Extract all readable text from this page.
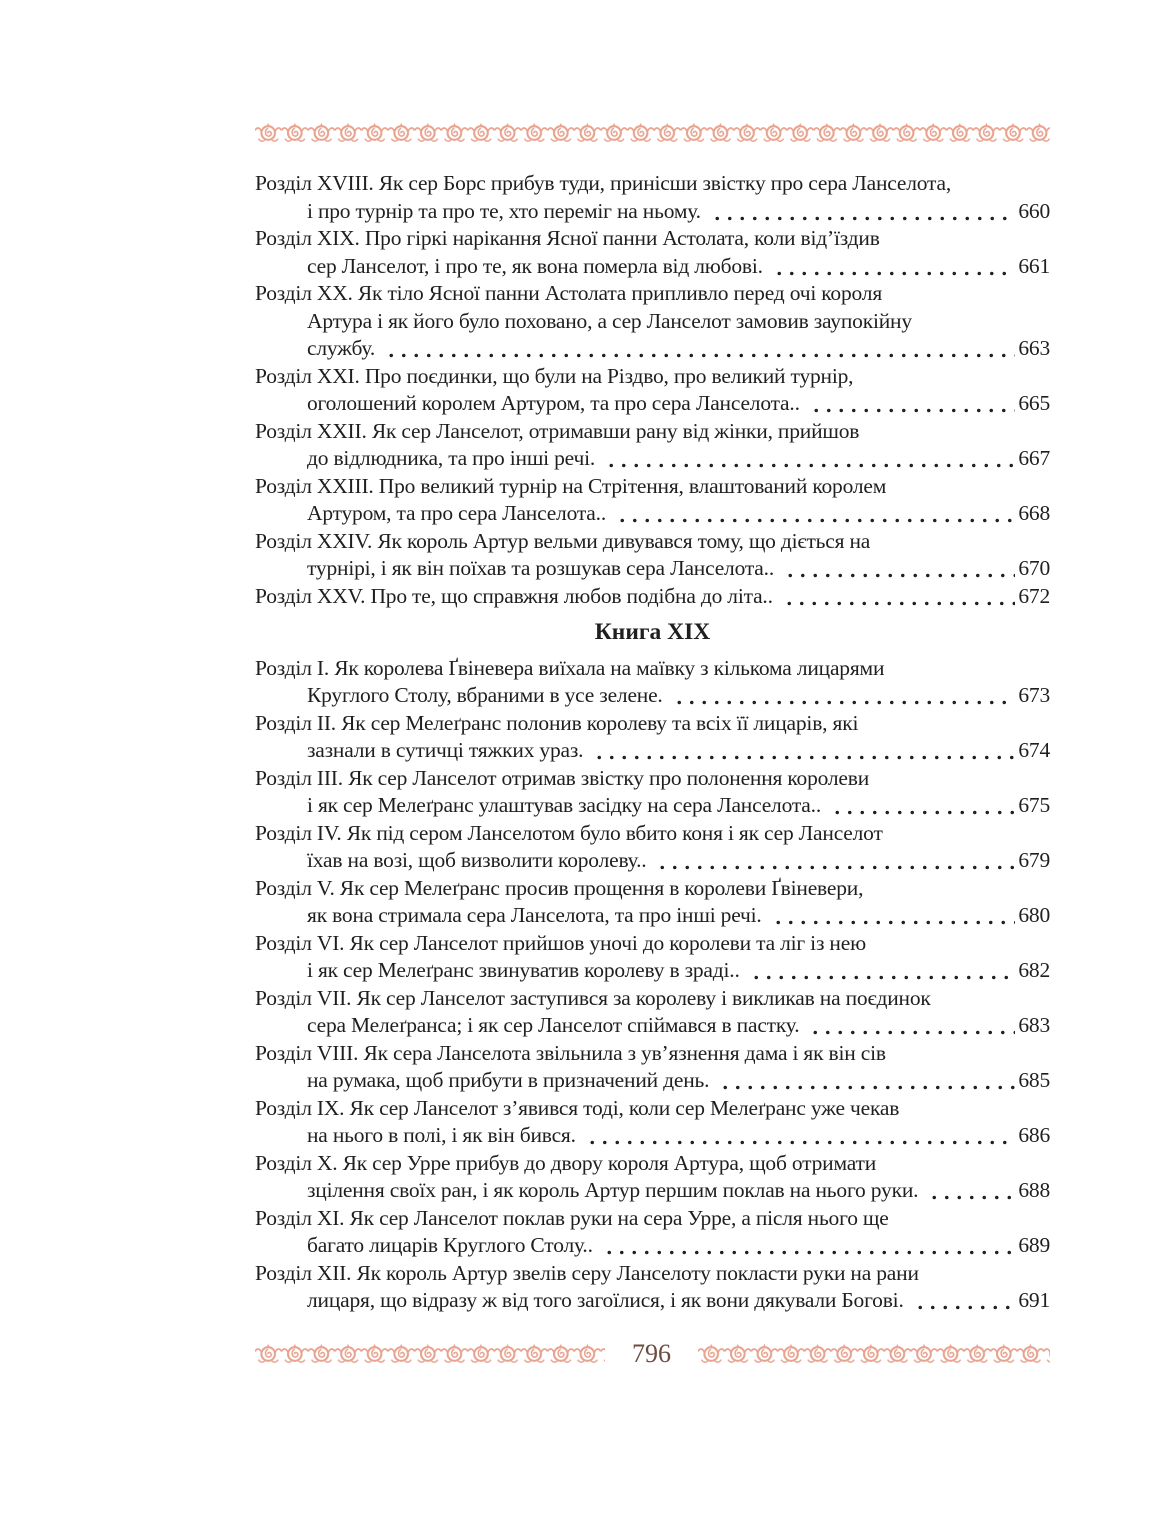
Розділ XVIII. Як сер Борс прибув туди, принісши звістку про сера Ланселота,
і про турнір та про те, хто переміг на ньому.	660
Розділ XIX. Про гіркі нарікання Ясної панни Астолата, коли від’їздив
сер Ланселот, і про те, як вона померла від любові.	661
Розділ XX. Як тіло Ясної панни Астолата припливло перед очі короля
Артура і як його було поховано, а сер Ланселот замовив заупокійну
службу.	663
Розділ XXI. Про поєдинки, що були на Різдво, про великий турнір,
оголошений королем Артуром, та про сера Ланселота..	665
Розділ XXII. Як сер Ланселот, отримавши рану від жінки, прийшов
до відлюдника, та про інші речі.	667
Розділ XXIII. Про великий турнір на Стрітення, влаштований королем
Артуром, та про сера Ланселота..	668
Розділ XXIV. Як король Артур вельми дивувався тому, що діється на
турнірі, і як він поїхав та розшукав сера Ланселота..	670
Розділ XXV. Про те, що справжня любов подібна до літа..	672
Книга XIX
Розділ I. Як королева Ґвіневера виїхала на маївку з кількома лицарями
Круглого Столу, вбраними в усе зелене.	673
Розділ II. Як сер Мелеґранс полонив королеву та всіх її лицарів, які
зазнали в сутичці тяжких ураз.	674
Розділ III. Як сер Ланселот отримав звістку про полонення королеви
і як сер Мелеґранс улаштував засідку на сера Ланселота..	675
Розділ IV. Як під сером Ланселотом було вбито коня і як сер Ланселот
їхав на возі, щоб визволити королеву..	679
Розділ V. Як сер Мелеґранс просив прощення в королеви Ґвіневери,
як вона стримала сера Ланселота, та про інші речі.	680
Розділ VI. Як сер Ланселот прийшов уночі до королеви та ліг із нею
і як сер Мелеґранс звинуватив королеву в зраді..	682
Розділ VII. Як сер Ланселот заступився за королеву і викликав на поєдинок
сера Мелеґранса; і як сер Ланселот спіймався в пастку.	683
Розділ VIII. Як сера Ланселота звільнила з ув’язнення дама і як він сів
на румака, щоб прибути в призначений день.	685
Розділ IX. Як сер Ланселот з’явився тоді, коли сер Мелеґранс уже чекав
на нього в полі, і як він бився.	686
Розділ X. Як сер Урре прибув до двору короля Артура, щоб отримати
зцілення своїх ран, і як король Артур першим поклав на нього руки.	688
Розділ XI. Як сер Ланселот поклав руки на сера Урре, а після нього ще
багато лицарів Круглого Столу..	689
Розділ XII. Як король Артур звелів серу Ланселоту покласти руки на рани
лицаря, що відразу ж від того загоїлися, і як вони дякували Богові.	691
796
